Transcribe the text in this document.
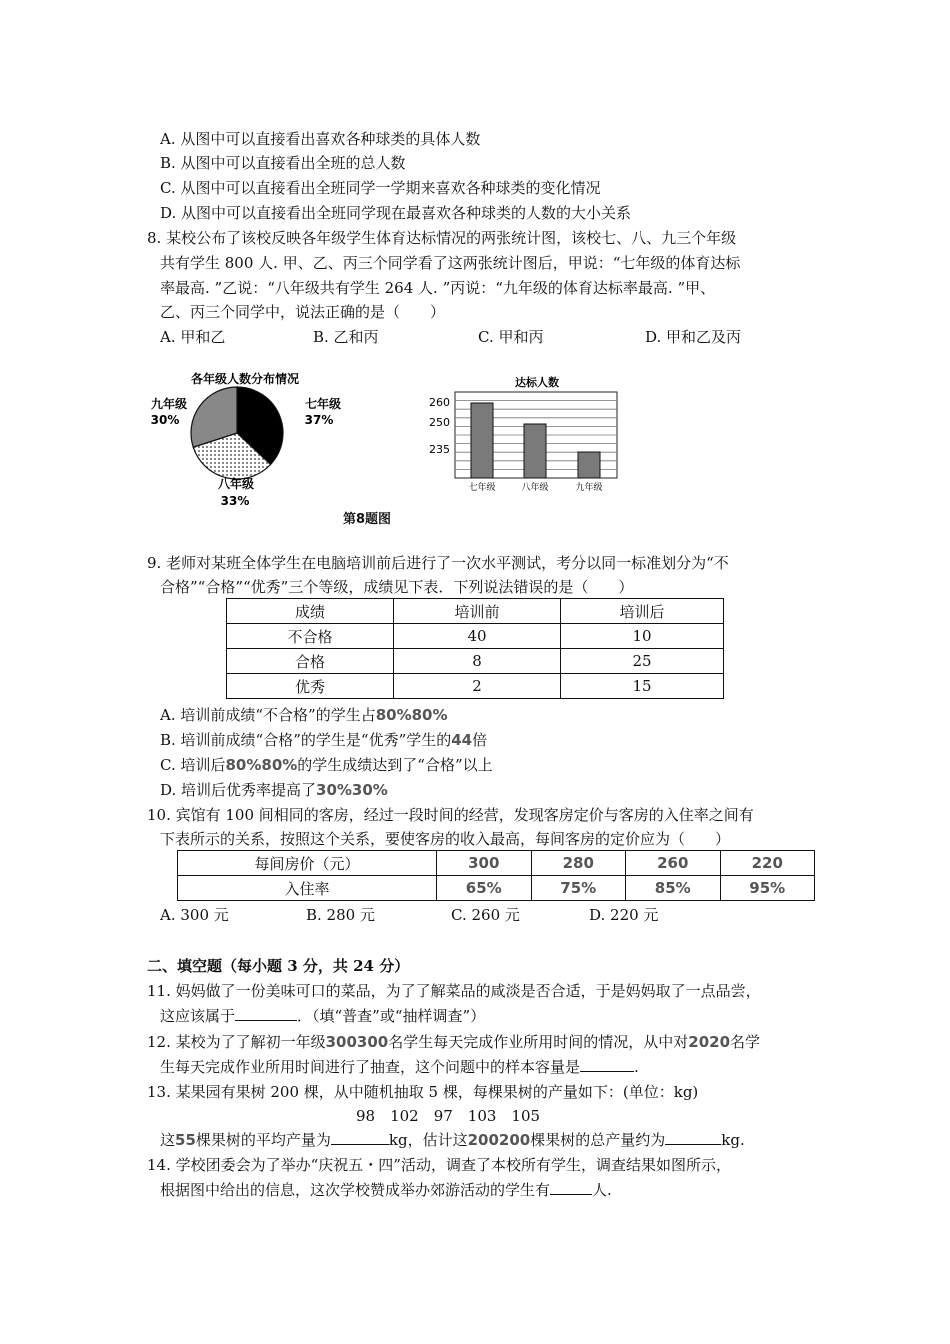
A. 从图中可以直接看出喜欢各种球类的具体人数
B. 从图中可以直接看出全班的总人数
C. 从图中可以直接看出全班同学一学期来喜欢各种球类的变化情况
D. 从图中可以直接看出全班同学现在最喜欢各种球类的人数的大小关系
8. 某校公布了该校反映各年级学生体育达标情况的两张统计图，该校七、八、九三个年级
共有学生 800 人. 甲、乙、丙三个同学看了这两张统计图后，甲说：“七年级的体育达标
率最高. ”乙说：“八年级共有学生 264 人. ”丙说：“九年级的体育达标率最高. ”甲、
乙、丙三个同学中，说法正确的是（　　）
A. 甲和乙	B. 乙和丙	C. 甲和丙	D. 甲和乙及丙
各年级人数分布情况
七年级
37%
八年级
33%
九年级
30%
达标人数
260
250
235
七年级	八年级	九年级
第8题图
9. 老师对某班全体学生在电脑培训前后进行了一次水平测试，考分以同一标准划分为“不
合格”“合格”“优秀”三个等级，成绩见下表．下列说法错误的是（　　）
成绩	培训前	培训后
不合格	40	10
合格	8	25
优秀	2	15
A. 培训前成绩“不合格”的学生占80%80%
B. 培训前成绩“合格”的学生是“优秀”学生的44倍
C. 培训后80%80%的学生成绩达到了“合格”以上
D. 培训后优秀率提高了30%30%
10. 宾馆有 100 间相同的客房，经过一段时间的经营，发现客房定价与客房的入住率之间有
下表所示的关系，按照这个关系，要使客房的收入最高，每间客房的定价应为（　　）
每间房价（元）	300	280	260	220
入住率	65%	75%	85%	95%
A. 300 元	B. 280 元	C. 260 元	D. 220 元
二、填空题（每小题 3 分，共 24 分）
11. 妈妈做了一份美味可口的菜品，为了了解菜品的咸淡是否合适，于是妈妈取了一点品尝，
这应该属于	．（填“普查”或“抽样调查”）
12. 某校为了了解初一年级300300名学生每天完成作业所用时间的情况，从中对2020名学
生每天完成作业所用时间进行了抽查，这个问题中的样本容量是	.
13. 某果园有果树 200 棵，从中随机抽取 5 棵，每棵果树的产量如下：(单位：kg)
98　102　97　103　105
这55棵果树的平均产量为	kg，估计这200200棵果树的总产量约为	kg.
14. 学校团委会为了举办“庆祝五・四”活动，调查了本校所有学生，调查结果如图所示，
根据图中给出的信息，这次学校赞成举办郊游活动的学生有	人.
